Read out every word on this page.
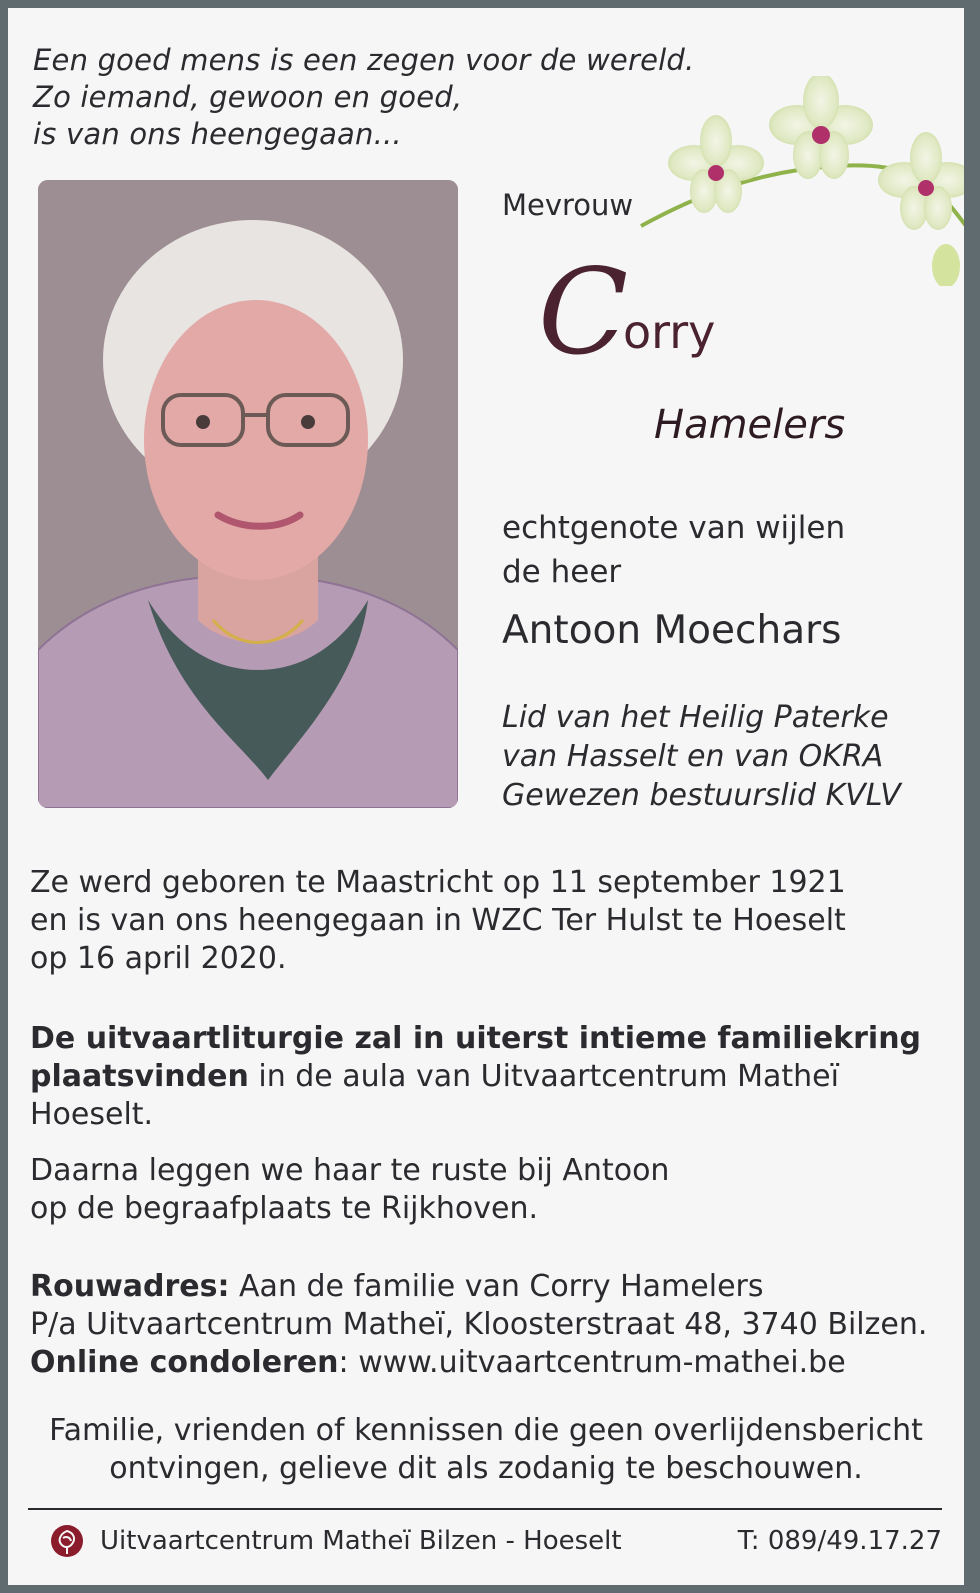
Een goed mens is een zegen voor de wereld.
Zo iemand, gewoon en goed,
is van ons heengegaan...
Mevrouw
C
orry
Hamelers
echtgenote van wijlen
de heer
Antoon Moechars
Lid van het Heilig Paterke
van Hasselt en van OKRA
Gewezen bestuurslid KVLV
Ze werd geboren te Maastricht op 11 september 1921
en is van ons heengegaan in WZC Ter Hulst te Hoeselt
op 16 april 2020.
De uitvaartliturgie zal in uiterst intieme familiekring
plaatsvinden in de aula van Uitvaartcentrum Matheï
Hoeselt.
Daarna leggen we haar te ruste bij Antoon
op de begraafplaats te Rijkhoven.
Rouwadres: Aan de familie van Corry Hamelers
P/a Uitvaartcentrum Matheï, Kloosterstraat 48, 3740 Bilzen.
Online condoleren: www.uitvaartcentrum-mathei.be
Familie, vrienden of kennissen die geen overlijdensbericht
ontvingen, gelieve dit als zodanig te beschouwen.
Uitvaartcentrum Matheï Bilzen - Hoeselt	T: 089/49.17.27
